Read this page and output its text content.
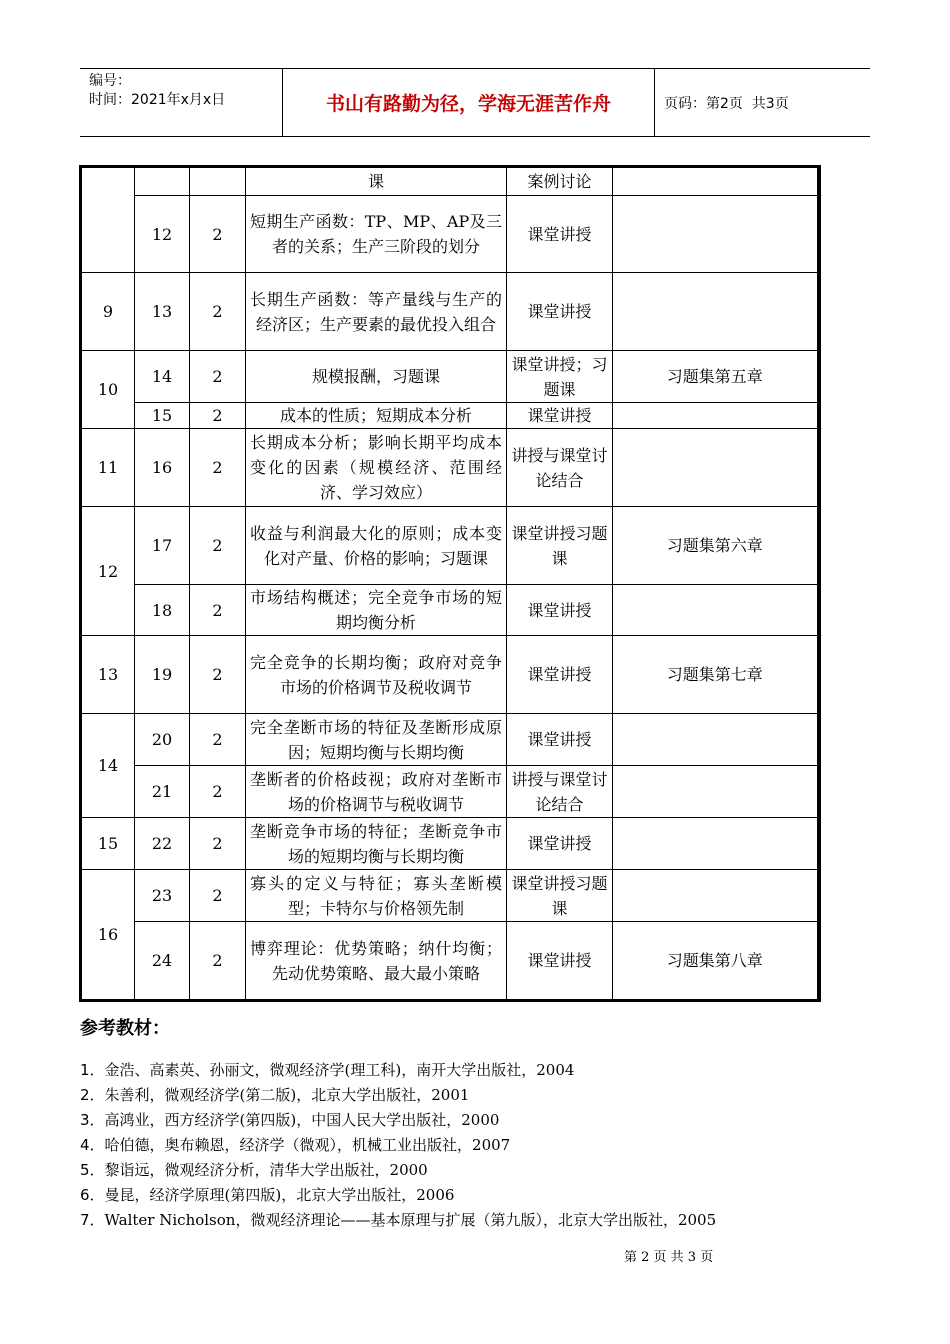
编号：
时间：2021年x月x日	书山有路勤为径，学海无涯苦作舟	页码：第2页  共3页
			课	案例讨论	
	12	2	短期生产函数：TP、MP、AP及三者的关系；生产三阶段的划分	课堂讲授	
9	13	2	长期生产函数：等产量线与生产的经济区；生产要素的最优投入组合	课堂讲授	
10	14	2	规模报酬，习题课	课堂讲授；习题课	习题集第五章
	15	2	成本的性质；短期成本分析	课堂讲授	
11	16	2	长期成本分析；影响长期平均成本变化的因素（规模经济、范围经济、学习效应）	讲授与课堂讨论结合	
12	17	2	收益与利润最大化的原则；成本变化对产量、价格的影响；习题课	课堂讲授习题课	习题集第六章
	18	2	市场结构概述；完全竞争市场的短期均衡分析	课堂讲授	
13	19	2	完全竞争的长期均衡；政府对竞争市场的价格调节及税收调节	课堂讲授	习题集第七章
14	20	2	完全垄断市场的特征及垄断形成原因；短期均衡与长期均衡	课堂讲授	
	21	2	垄断者的价格歧视；政府对垄断市场的价格调节与税收调节	讲授与课堂讨论结合	
15	22	2	垄断竞争市场的特征；垄断竞争市场的短期均衡与长期均衡	课堂讲授	
16	23	2	寡头的定义与特征；寡头垄断模型；卡特尔与价格领先制	课堂讲授习题课	
	24	2	博弈理论：优势策略；纳什均衡；先动优势策略、最大最小策略	课堂讲授	习题集第八章
参考教材：
1．金浩、高素英、孙丽文，微观经济学(理工科)，南开大学出版社，2004
2．朱善利，微观经济学(第二版)，北京大学出版社，2001
3．高鸿业，西方经济学(第四版)，中国人民大学出版社，2000
4．哈伯德，奥布赖恩，经济学（微观），机械工业出版社，2007
5．黎诣远，微观经济分析，清华大学出版社，2000
6．曼昆，经济学原理(第四版)，北京大学出版社，2006
7．Walter Nicholson，微观经济理论——基本原理与扩展（第九版），北京大学出版社，2005
第 2 页 共 3 页
